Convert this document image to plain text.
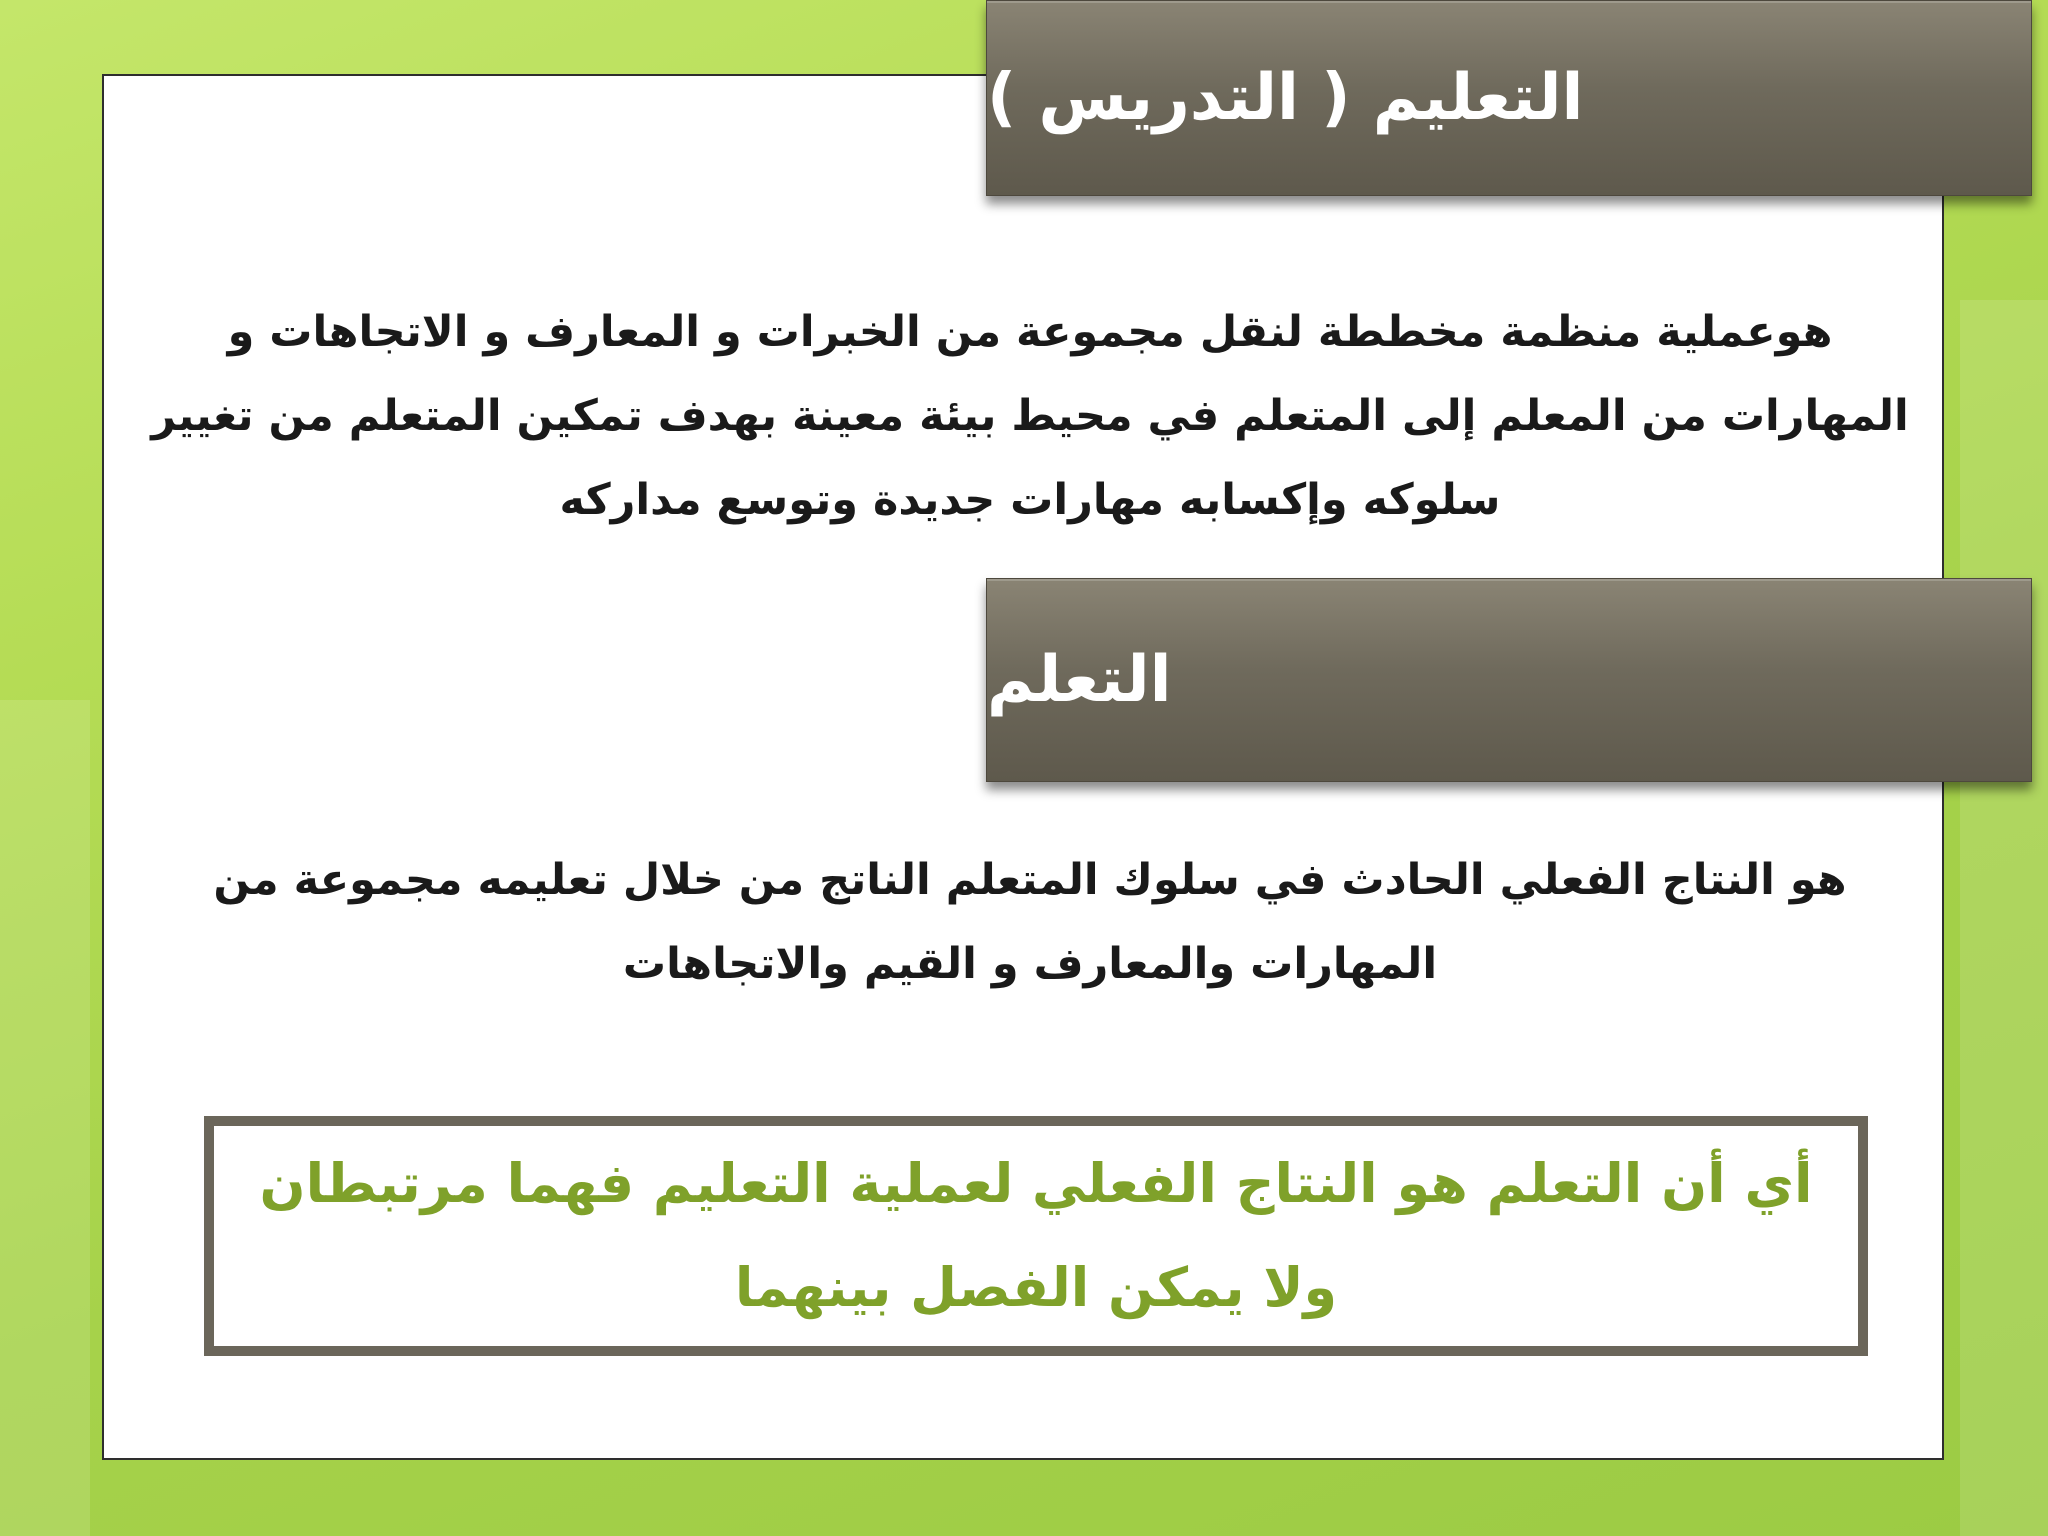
التعليم ( التدريس )
هوعملية منظمة مخططة لنقل مجموعة من الخبرات و المعارف و الاتجاهات و المهارات من المعلم إلى المتعلم في محيط بيئة معينة بهدف تمكين المتعلم من تغيير سلوكه وإكسابه مهارات جديدة وتوسع مداركه
التعلم
هو النتاج الفعلي الحادث في سلوك المتعلم الناتج من خلال تعليمه مجموعة من المهارات والمعارف و القيم والاتجاهات
أي أن التعلم هو النتاج الفعلي لعملية التعليم فهما مرتبطان ولا يمكن الفصل بينهما
